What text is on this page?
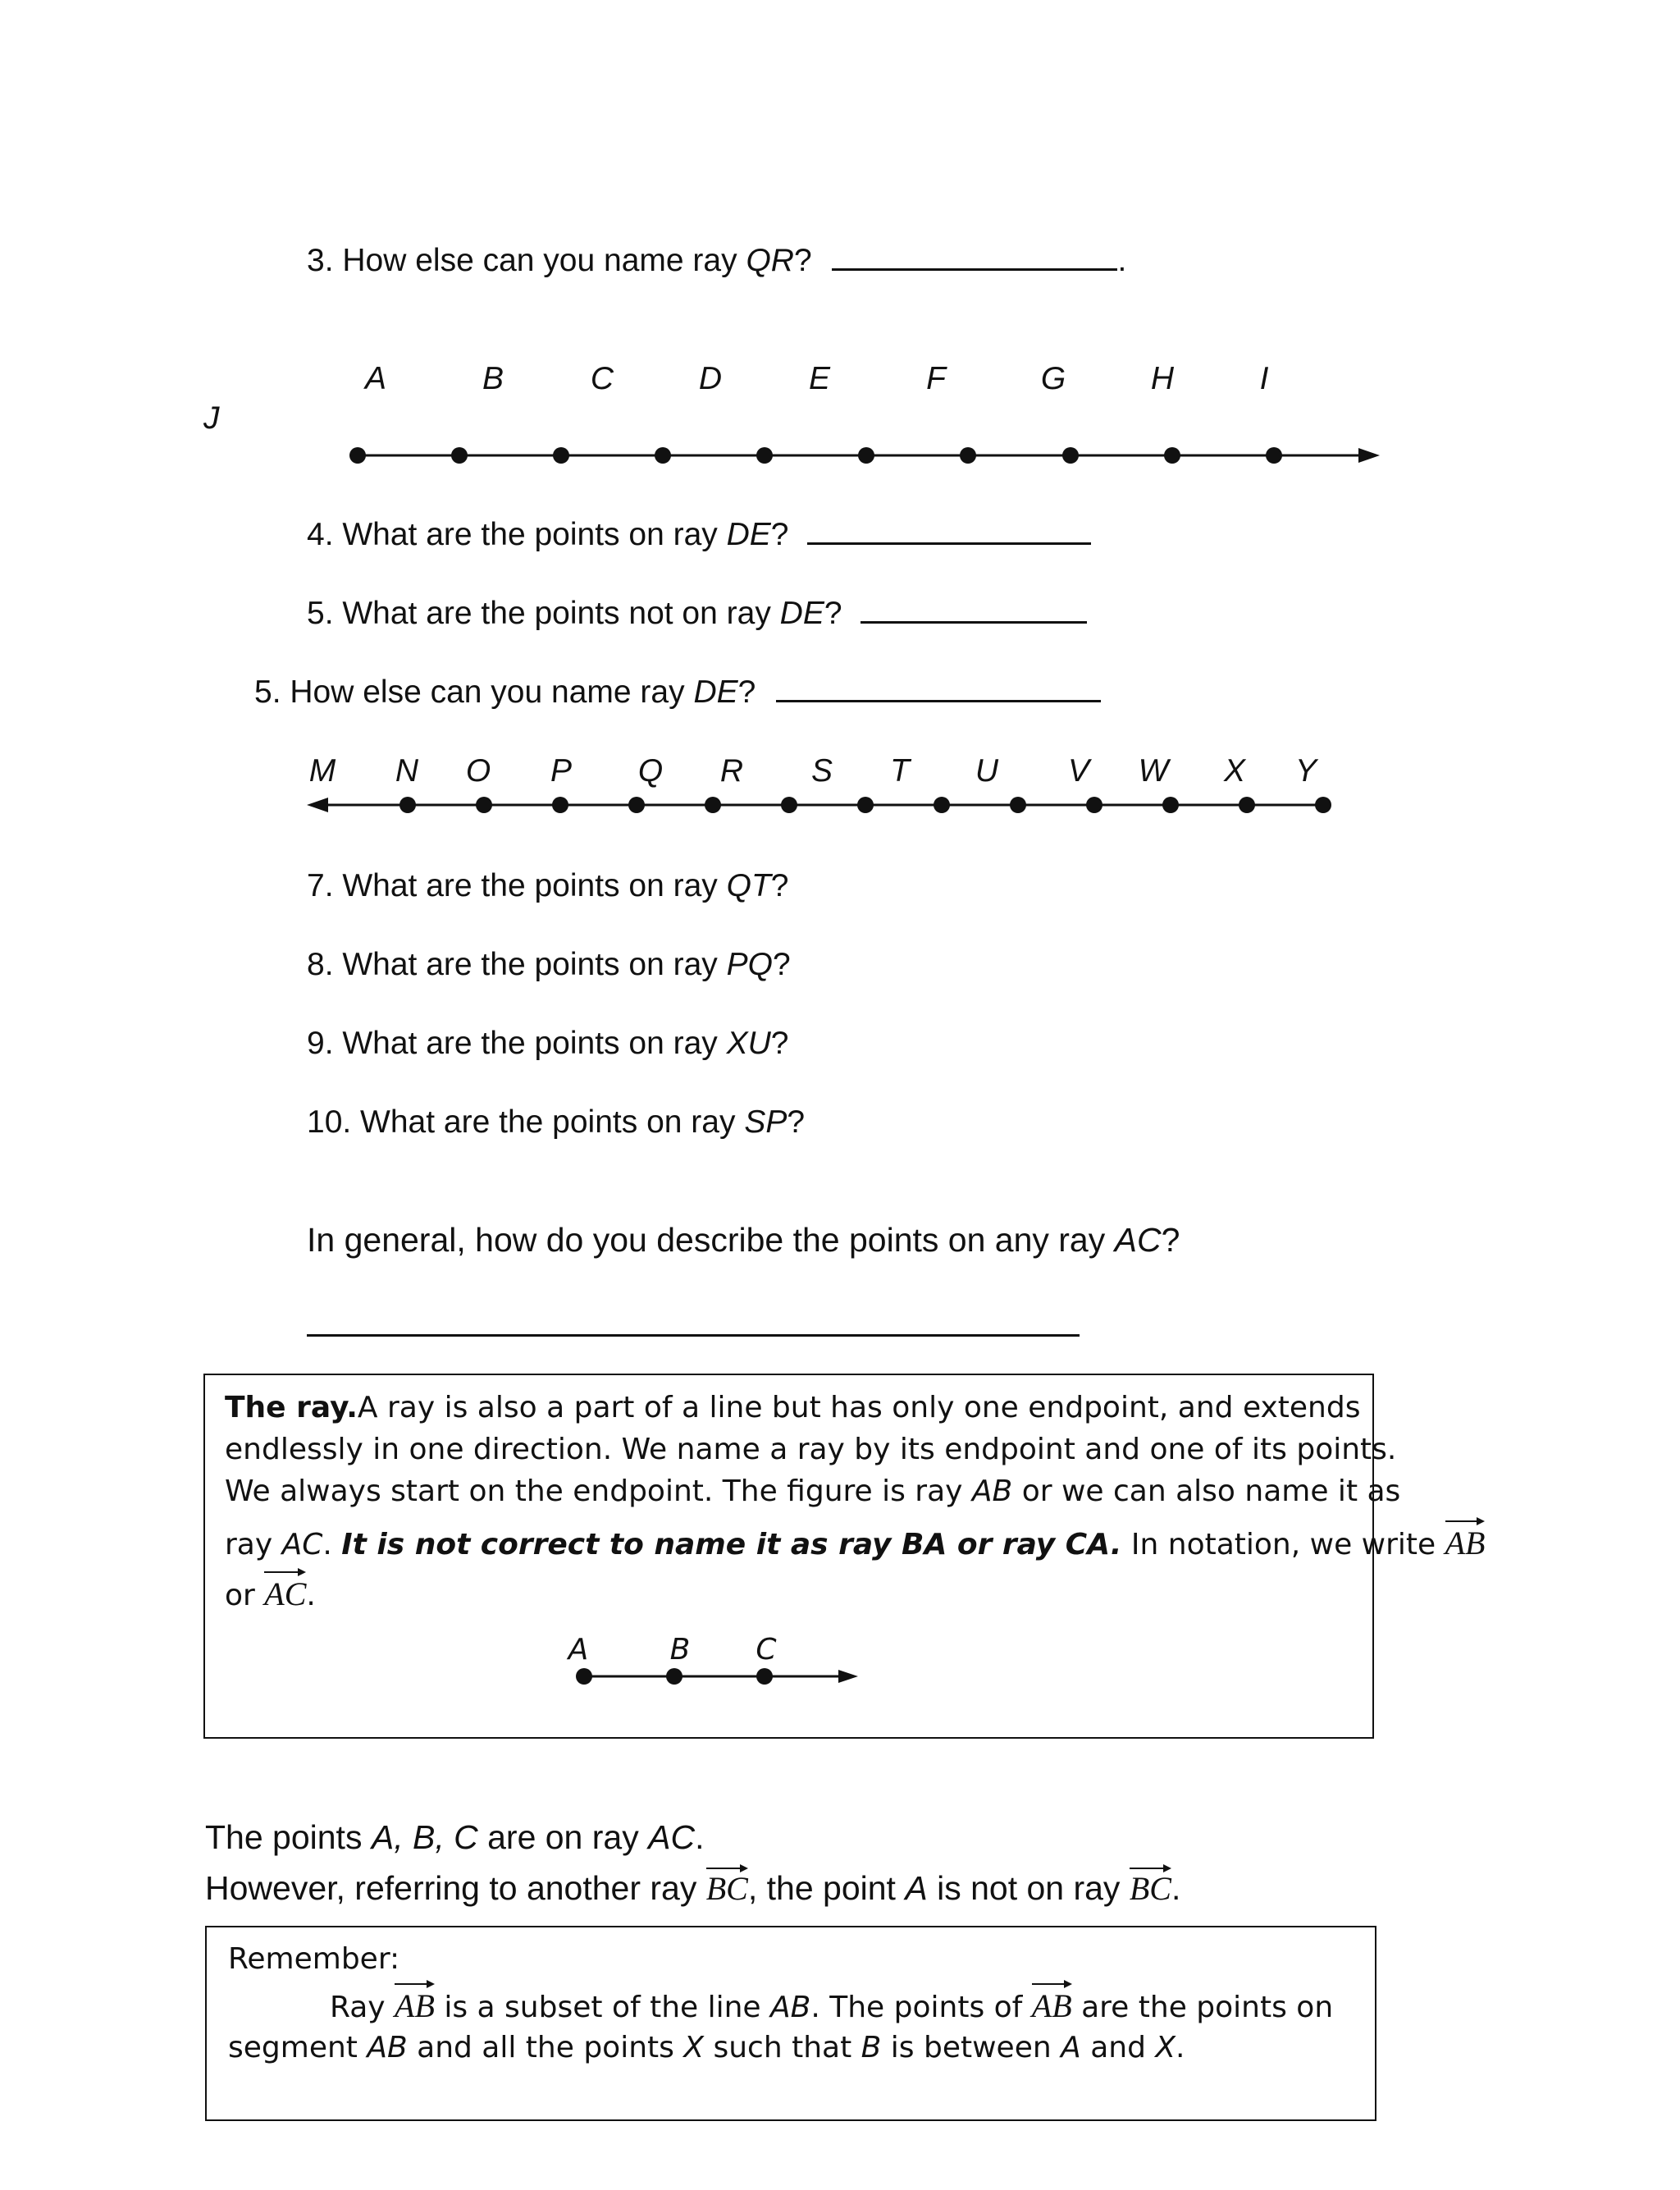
3. How else can you name ray QR?	.
J
A	B	C	D	E	F	G	H	I
4. What are the points on ray DE?
5. What are the points not on ray DE?
5. How else can you name ray DE?
M N O P Q R S T U V W X Y
7. What are the points on ray QT?
8. What are the points on ray PQ?
9. What are the points on ray XU?
10. What are the points on ray SP?
In general, how do you describe the points on any ray AC?
The ray.A ray is also a part of a line but has only one endpoint, and extends
endlessly in one direction. We name a ray by its endpoint and one of its points.
We always start on the endpoint. The figure is ray AB or we can also name it as
ray AC. It is not correct to name it as ray BA or ray CA. In notation, we write
AB
or
AC.
A	B C
The points A, B, C are on ray AC.
However, referring to another ray
BC, the point A is not on ray
BC.
Remember:
Ray
AB is a subset of the line AB. The points of
AB are the points on
segment AB and all the points X such that B is between A and X.
